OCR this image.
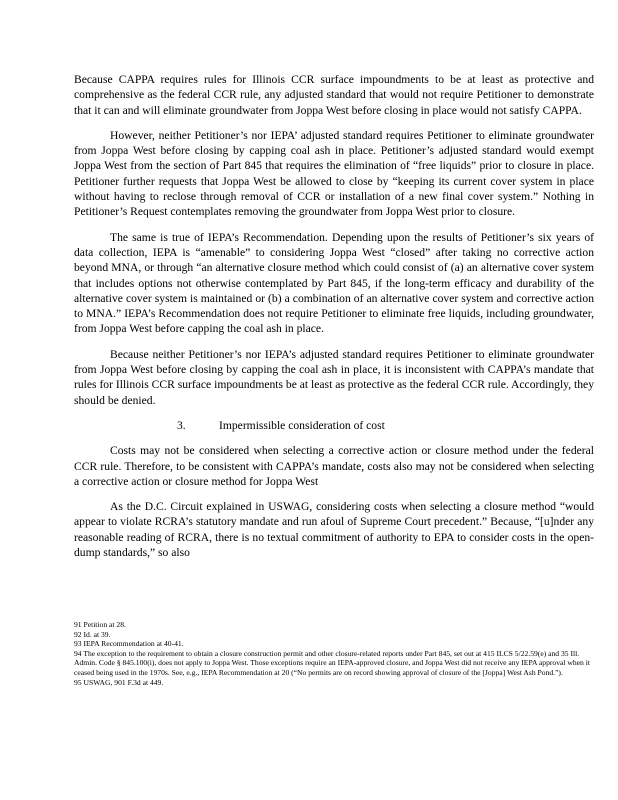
Because CAPPA requires rules for Illinois CCR surface impoundments to be at least as protective and comprehensive as the federal CCR rule, any adjusted standard that would not require Petitioner to demonstrate that it can and will eliminate groundwater from Joppa West before closing in place would not satisfy CAPPA.

However, neither Petitioner’s nor IEPA’ adjusted standard requires Petitioner to eliminate groundwater from Joppa West before closing by capping coal ash in place. Petitioner’s adjusted standard would exempt Joppa West from the section of Part 845 that requires the elimination of “free liquids” prior to closure in place. Petitioner further requests that Joppa West be allowed to close by “keeping its current cover system in place without having to reclose through removal of CCR or installation of a new final cover system.” Nothing in Petitioner’s Request contemplates removing the groundwater from Joppa West prior to closure.

The same is true of IEPA’s Recommendation. Depending upon the results of Petitioner’s six years of data collection, IEPA is “amenable” to considering Joppa West “closed” after taking no corrective action beyond MNA, or through “an alternative closure method which could consist of (a) an alternative cover system that includes options not otherwise contemplated by Part 845, if the long-term efficacy and durability of the alternative cover system is maintained or (b) a combination of an alternative cover system and corrective action to MNA.” IEPA’s Recommendation does not require Petitioner to eliminate free liquids, including groundwater, from Joppa West before capping the coal ash in place.

Because neither Petitioner’s nor IEPA’s adjusted standard requires Petitioner to eliminate groundwater from Joppa West before closing by capping the coal ash in place, it is inconsistent with CAPPA’s mandate that rules for Illinois CCR surface impoundments be at least as protective as the federal CCR rule. Accordingly, they should be denied.

3.	Impermissible consideration of cost

Costs may not be considered when selecting a corrective action or closure method under the federal CCR rule. Therefore, to be consistent with CAPPA’s mandate, costs also may not be considered when selecting a corrective action or closure method for Joppa West

As the D.C. Circuit explained in USWAG, considering costs when selecting a closure method “would appear to violate RCRA’s statutory mandate and run afoul of Supreme Court precedent.” Because, “[u]nder any reasonable reading of RCRA, there is no textual commitment of authority to EPA to consider costs in the open-dump standards,” so also

91 Petition at 28.

92 Id. at 39.

93 IEPA Recommendation at 40-41.

94 The exception to the requirement to obtain a closure construction permit and other closure-related reports under Part 845, set out at 415 ILCS 5/22.59(e) and 35 Ill. Admin. Code § 845.100(i), does not apply to Joppa West. Those exceptions require an IEPA-approved closure, and Joppa West did not receive any IEPA approval when it ceased being used in the 1970s. See, e.g., IEPA Recommendation at 20 (“No permits are on record showing approval of closure of the [Joppa] West Ash Pond.”).

95 USWAG, 901 F.3d at 449.
